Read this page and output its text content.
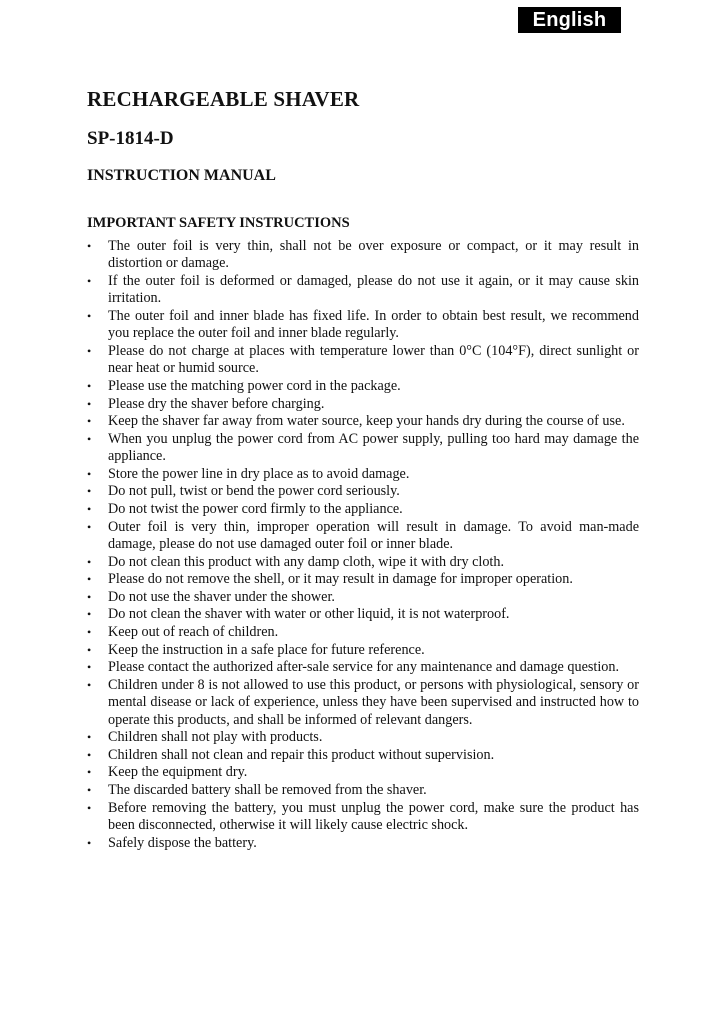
English
RECHARGEABLE SHAVER
SP-1814-D
INSTRUCTION MANUAL
IMPORTANT SAFETY INSTRUCTIONS
• The outer foil is very thin, shall not be over exposure or compact, or it may result in distortion or damage.
• If the outer foil is deformed or damaged, please do not use it again, or it may cause skin irritation.
• The outer foil and inner blade has fixed life. In order to obtain best result, we recommend you replace the outer foil and inner blade regularly.
• Please do not charge at places with temperature lower than 0°C (104°F), direct sunlight or near heat or humid source.
• Please use the matching power cord in the package.
• Please dry the shaver before charging.
• Keep the shaver far away from water source, keep your hands dry during the course of use.
• When you unplug the power cord from AC power supply, pulling too hard may damage the appliance.
• Store the power line in dry place as to avoid damage.
• Do not pull, twist or bend the power cord seriously.
• Do not twist the power cord firmly to the appliance.
• Outer foil is very thin, improper operation will result in damage. To avoid man-made damage, please do not use damaged outer foil or inner blade.
• Do not clean this product with any damp cloth, wipe it with dry cloth.
• Please do not remove the shell, or it may result in damage for improper operation.
• Do not use the shaver under the shower.
• Do not clean the shaver with water or other liquid, it is not waterproof.
• Keep out of reach of children.
• Keep the instruction in a safe place for future reference.
• Please contact the authorized after-sale service for any maintenance and damage question.
• Children under 8 is not allowed to use this product, or persons with physiological, sensory or mental disease or lack of experience, unless they have been supervised and instructed how to operate this products, and shall be informed of relevant dangers.
• Children shall not play with products.
• Children shall not clean and repair this product without supervision.
• Keep the equipment dry.
• The discarded battery shall be removed from the shaver.
• Before removing the battery, you must unplug the power cord, make sure the product has been disconnected, otherwise it will likely cause electric shock.
• Safely dispose the battery.
